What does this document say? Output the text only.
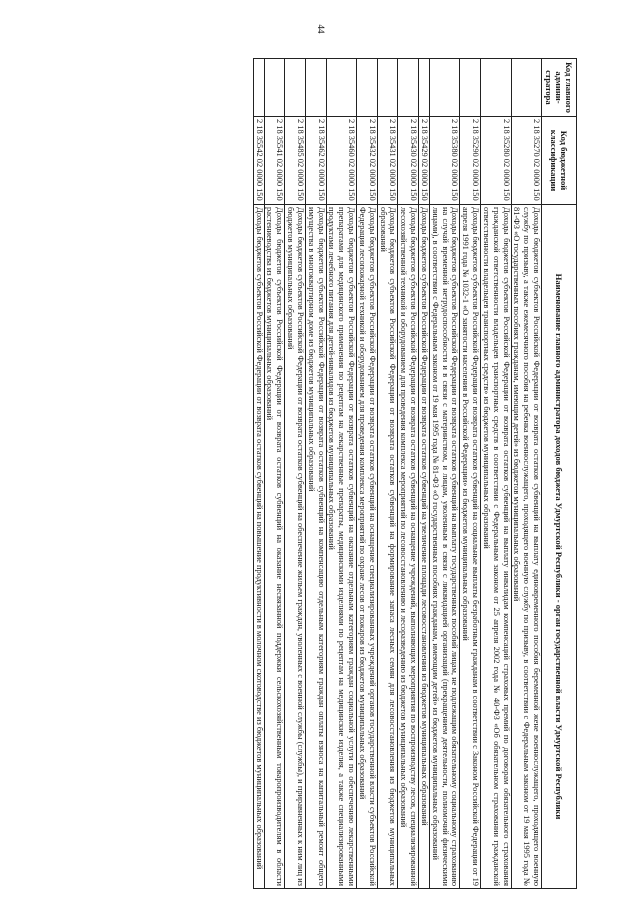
44
Код главного админи- стратора	Код бюджетной классификации	Наименование главного администратора доходов бюджета Удмуртской Республики - орган государственной власти Удмуртской Республики
	2 18 35270 02 0000 150	Доходы бюджетов субъектов Российской Федерации от возврата остатков субвенций на выплату единовременного пособия беременной жене военнослужащего, проходящего военную службу по призыву, а также ежемесячного пособия на ребенка военнослужащего, проходящего военную службу по призыву, в соответствии с Федеральным законом от 19 мая 1995 года № 81-ФЗ «О государственных пособиях гражданам, имеющим детей» из бюджетов муниципальных образований
	2 18 35280 02 0000 150	Доходы бюджетов субъектов Российской Федерации от возврата остатков субвенций на выплату инвалидам компенсаций страховых премий по договорам обязательного страхования гражданской ответственности владельцев транспортных средств в соответствии с Федеральным законом от 25 апреля 2002 года № 40-ФЗ «Об обязательном страховании гражданской ответственности владельцев транспортных средств» из бюджетов муниципальных образований
	2 18 35290 02 0000 150	Доходы бюджетов субъектов Российской Федерации от возврата остатков субвенций на социальные выплаты безработным гражданам в соответствии с Законом Российской Федерации от 19 апреля 1991 года № 1032-1 «О занятости населения в Российской Федерации» из бюджетов муниципальных образований
	2 18 35380 02 0000 150	Доходы бюджетов субъектов Российской Федерации от возврата остатков субвенций на выплату государственных пособий лицам, не подлежащим обязательному социальному страхованию на случай временной нетрудоспособности и в связи с материнством, и лицам, уволенным в связи с ликвидацией организаций (прекращением деятельности, полномочий физическими лицами), в соответствии с Федеральным законом от 19 мая 1995 года № 81-ФЗ «О государственных пособиях гражданам, имеющим детей» из бюджетов муниципальных образований
	2 18 35429 02 0000 150	Доходы бюджетов субъектов Российской Федерации от возврата остатков субвенций на увеличение площади лесовосстановления из бюджетов муниципальных образований
	2 18 35430 02 0000 150	Доходы бюджетов субъектов Российской Федерации от возврата остатков субвенций на оснащение учреждений, выполняющих мероприятия по воспроизводству лесов, специализированной лесохозяйственной техникой и оборудованием для проведения комплекса мероприятий по лесовосстановлению и лесоразведению из бюджетов муниципальных образований
	2 18 35431 02 0000 150	Доходы бюджетов субъектов Российской Федерации от возврата остатков субвенций на формирование запаса лесных семян для лесовосстановления из бюджетов муниципальных образований
	2 18 35432 02 0000 150	Доходы бюджетов субъектов Российской Федерации от возврата остатков субвенций на оснащение специализированных учреждений органов государственной власти субъектов Российской Федерации лесопожарной техникой и оборудованием для проведения комплекса мероприятий по охране лесов от пожаров из бюджетов муниципальных образований
	2 18 35460 02 0000 150	Доходы бюджетов субъектов Российской Федерации от возврата остатков субвенций на оказание отдельным категориям граждан социальной услуги по обеспечению лекарственными препаратами для медицинского применения по рецептам на лекарственные препараты, медицинскими изделиями по рецептам на медицинские изделия, а также специализированными продуктами лечебного питания для детей-инвалидов из бюджетов муниципальных образований
	2 18 35462 02 0000 150	Доходы бюджетов субъектов Российской Федерации от возврата остатков субвенций на компенсацию отдельным категориям граждан оплаты взноса на капитальный ремонт общего имущества в многоквартирном доме из бюджетов муниципальных образований
	2 18 35485 02 0000 150	Доходы бюджетов субъектов Российской Федерации от возврата остатков субвенций на обеспечение жильем граждан, уволенных с военной службы (службы), и приравненных к ним лиц из бюджетов муниципальных образований
	2 18 35541 02 0000 150	Доходы бюджетов субъектов Российской Федерации от возврата остатков субвенций на оказание несвязанной поддержки сельскохозяйственным товаропроизводителям в области растениеводства из бюджетов муниципальных образований
	2 18 35542 02 0000 150	Доходы бюджетов субъектов Российской Федерации от возврата остатков субвенций на повышение продуктивности в молочном скотоводстве из бюджетов муниципальных образований
